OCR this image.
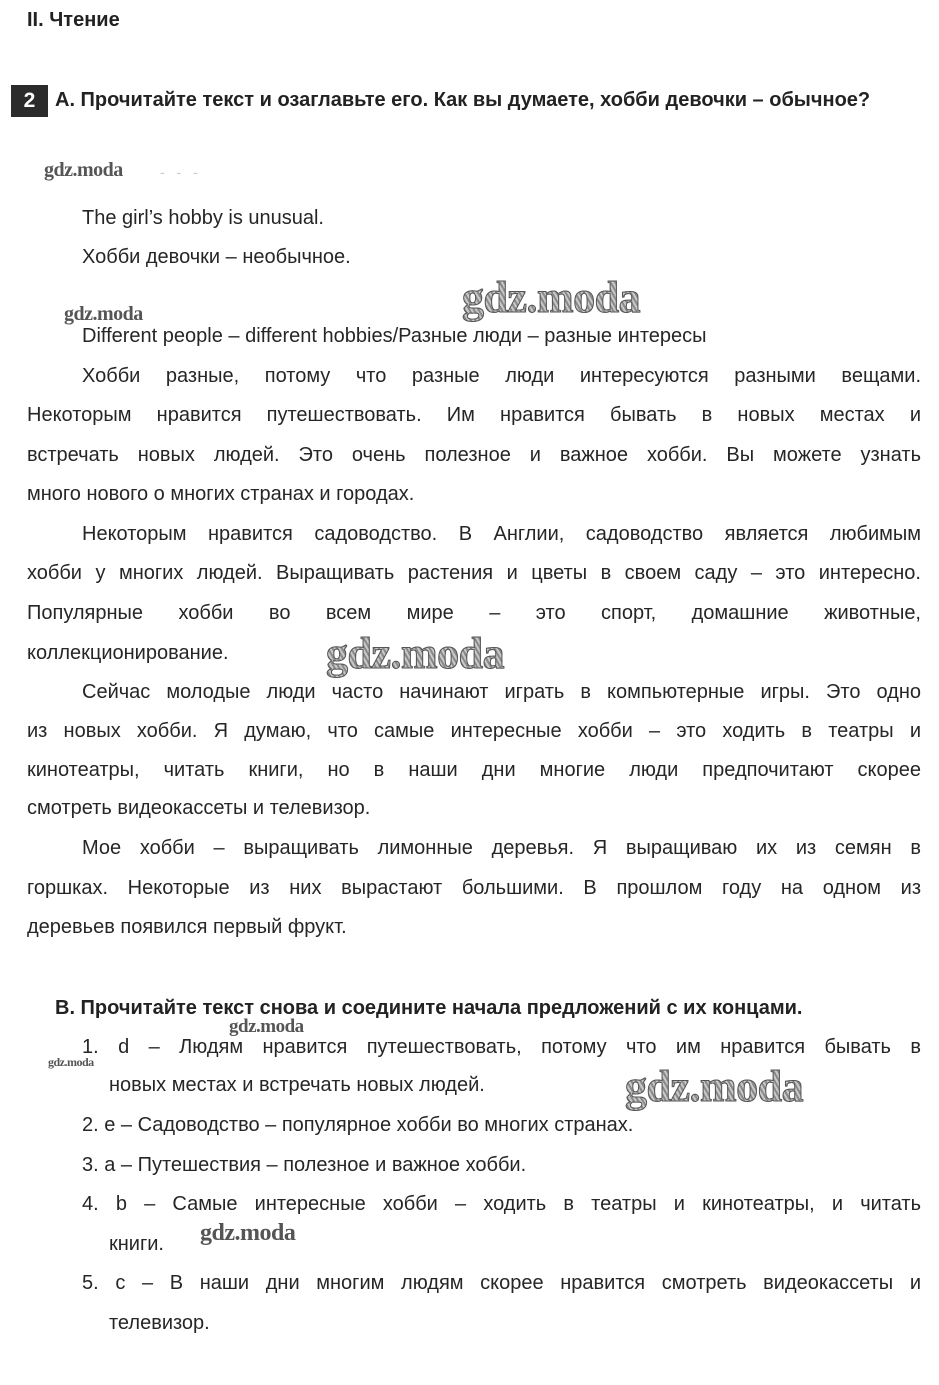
II. Чтение
2 A. Прочитайте текст и озаглавьте его. Как вы думаете, хобби девочки – обычное?
gdz.moda	- - -
The girl’s hobby is unusual.
Хобби девочки – необычное.
gdz.moda	gdz.moda
Different people – different hobbies/Разные люди – разные интересы
Хобби разные, потому что разные люди интересуются разными вещами.
Некоторым нравится путешествовать. Им нравится бывать в новых местах и
встречать новых людей. Это очень полезное и важное хобби. Вы можете узнать
много нового о многих странах и городах.
Некоторым нравится садоводство. В Англии, садоводство является любимым
хобби у многих людей. Выращивать растения и цветы в своем саду – это интересно.
Популярные хобби во всем мире – это спорт, домашние животные,
коллекционирование. gdz.moda
Сейчас молодые люди часто начинают играть в компьютерные игры. Это одно
из новых хобби. Я думаю, что самые интересные хобби – это ходить в театры и
кинотеатры, читать книги, но в наши дни многие люди предпочитают скорее
смотреть видеокассеты и телевизор.
Мое хобби – выращивать лимонные деревья. Я выращиваю их из семян в
горшках. Некоторые из них вырастают большими. В прошлом году на одном из
деревьев появился первый фрукт.
B. Прочитайте текст снова и соедините начала предложений с их концами.
gdz.moda
gdz.moda
1. d – Людям нравится путешествовать, потому что им нравится бывать в
новых местах и встречать новых людей.	gdz.moda
2. e – Садоводство – популярное хобби во многих странах.
3. a – Путешествия – полезное и важное хобби.
4. b – Самые интересные хобби – ходить в театры и кинотеатры, и читать
книги. gdz.moda
5. c – В наши дни многим людям скорее нравится смотреть видеокассеты и
телевизор.
